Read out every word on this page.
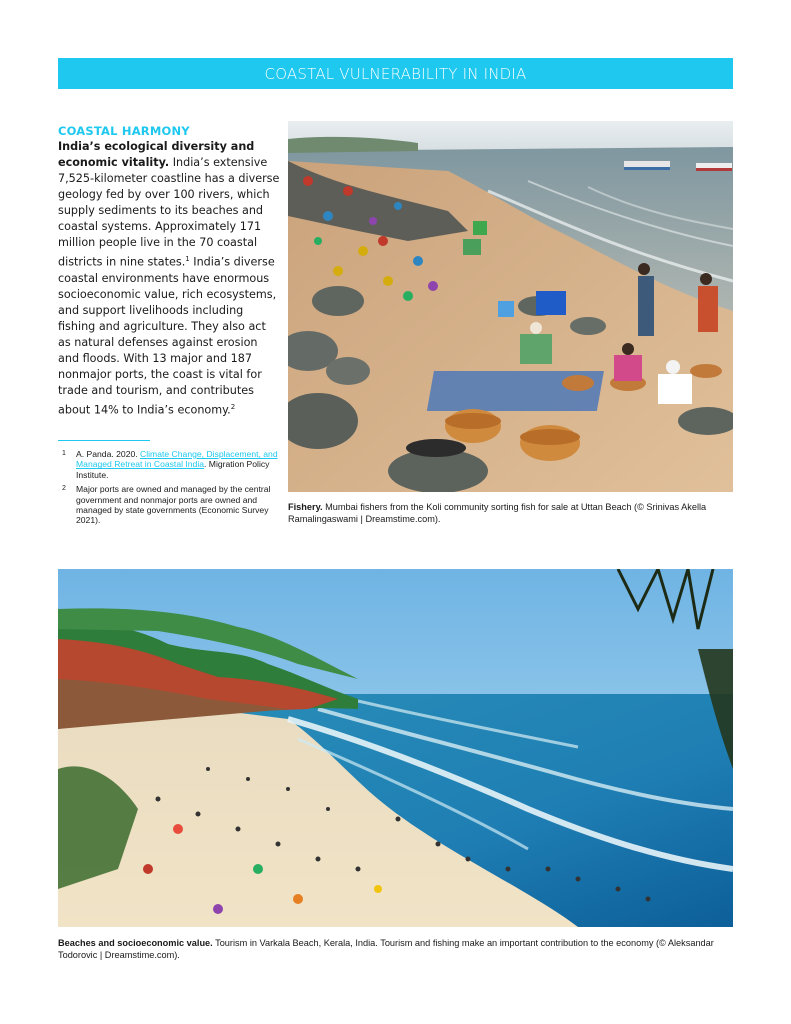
COASTAL VULNERABILITY IN INDIA
COASTAL HARMONY

India’s ecological diversity and economic vitality. India’s extensive 7,525-kilometer coastline has a diverse geology fed by over 100 rivers, which supply sediments to its beaches and coastal systems. Approximately 171 million people live in the 70 coastal districts in nine states.$^1$ India’s diverse coastal environments have enormous socioeconomic value, rich ecosystems, and support livelihoods including fishing and agriculture. They also act as natural defenses against erosion and floods. With 13 major and 187 nonmajor ports, the coast is vital for trade and tourism, and contributes about 14% to India’s economy.$^2$

1	A. Panda. 2020. Climate Change, Displacement, and Managed Retreat in Coastal India. Migration Policy Institute.
2	Major ports are owned and managed by the central government and nonmajor ports are owned and managed by state governments (Economic Survey 2021).
Fishery. Mumbai fishers from the Koli community sorting fish for sale at Uttan Beach (© Srinivas Akella Ramalingaswami | Dreamstime.com).
Beaches and socioeconomic value. Tourism in Varkala Beach, Kerala, India. Tourism and fishing make an important contribution to the economy (© Aleksandar Todorovic | Dreamstime.com).
